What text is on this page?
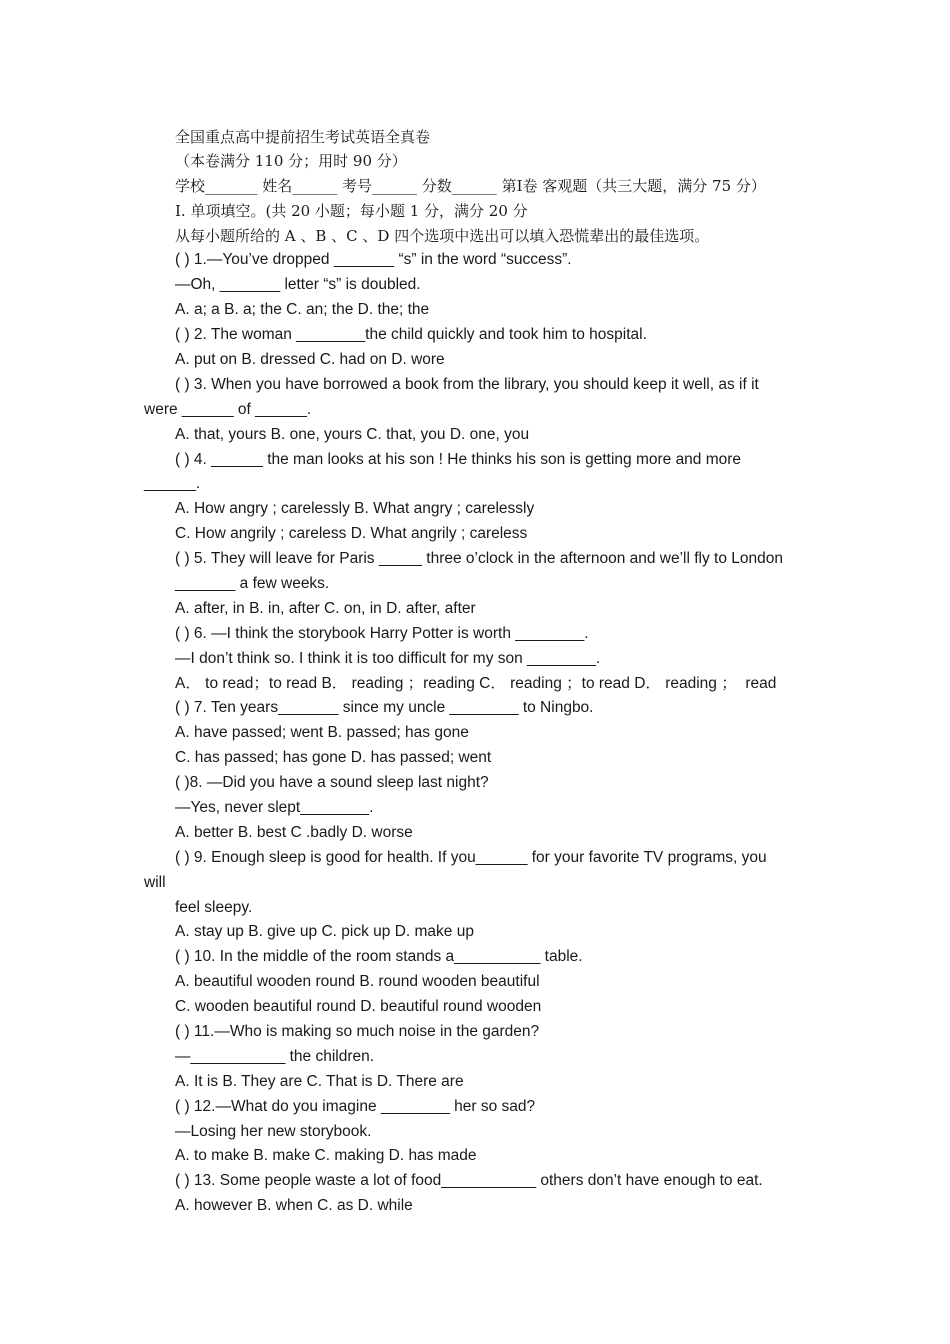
全国重点高中提前招生考试英语全真卷
（本卷满分 110 分；用时 90 分）
学校_______ 姓名______ 考号______ 分数______ 第Ⅰ卷 客观题（共三大题，满分 75 分）
Ⅰ. 单项填空。(共 20 小题；每小题 1 分，满分 20 分
从每小题所给的 A 、B 、C 、D 四个选项中选出可以填入恐慌辈出的最佳选项。
( ) 1.—You’ve dropped _______ “s” in the word “success”.
—Oh, _______ letter “s” is doubled.
A. a; a B. a; the C. an; the D. the; the
( ) 2. The woman ________the child quickly and took him to hospital.
A. put on B. dressed C. had on D. wore
( ) 3. When you have borrowed a book from the library, you should keep it well, as if it
were ______ of ______.
A. that, yours B. one, yours C. that, you D. one, you
( ) 4. ______ the man looks at his son ! He thinks his son is getting more and more
______.
A. How angry ; carelessly B. What angry ; carelessly
C. How angrily ; careless D. What angrily ; careless
( ) 5. They will leave for Paris _____ three o’clock in the afternoon and we’ll fly to London
_______ a few weeks.
A. after, in B. in, after C. on, in D. after, after
( ) 6. —I think the storybook Harry Potter is worth ________.
—I don’t think so. I think it is too difficult for my son ________.
A． to read；to read B． reading ；reading C． reading ；to read D． reading ；  read
( ) 7. Ten years_______ since my uncle ________ to Ningbo.
A. have passed; went B. passed; has gone
C. has passed; has gone D. has passed; went
( )8. —Did you have a sound sleep last night?
—Yes, never slept________.
A. better B. best C .badly D. worse
( ) 9. Enough sleep is good for health. If you______ for your favorite TV programs, you
will
feel sleepy.
A. stay up B. give up C. pick up D. make up
( ) 10. In the middle of the room stands a__________ table.
A. beautiful wooden round B. round wooden beautiful
C. wooden beautiful round D. beautiful round wooden
( ) 11.—Who is making so much noise in the garden?
—___________ the children.
A. It is B. They are C. That is D. There are
( ) 12.—What do you imagine ________ her so sad?
—Losing her new storybook.
A. to make B. make C. making D. has made
( ) 13. Some people waste a lot of food___________ others don’t have enough to eat.
A. however B. when C. as D. while
